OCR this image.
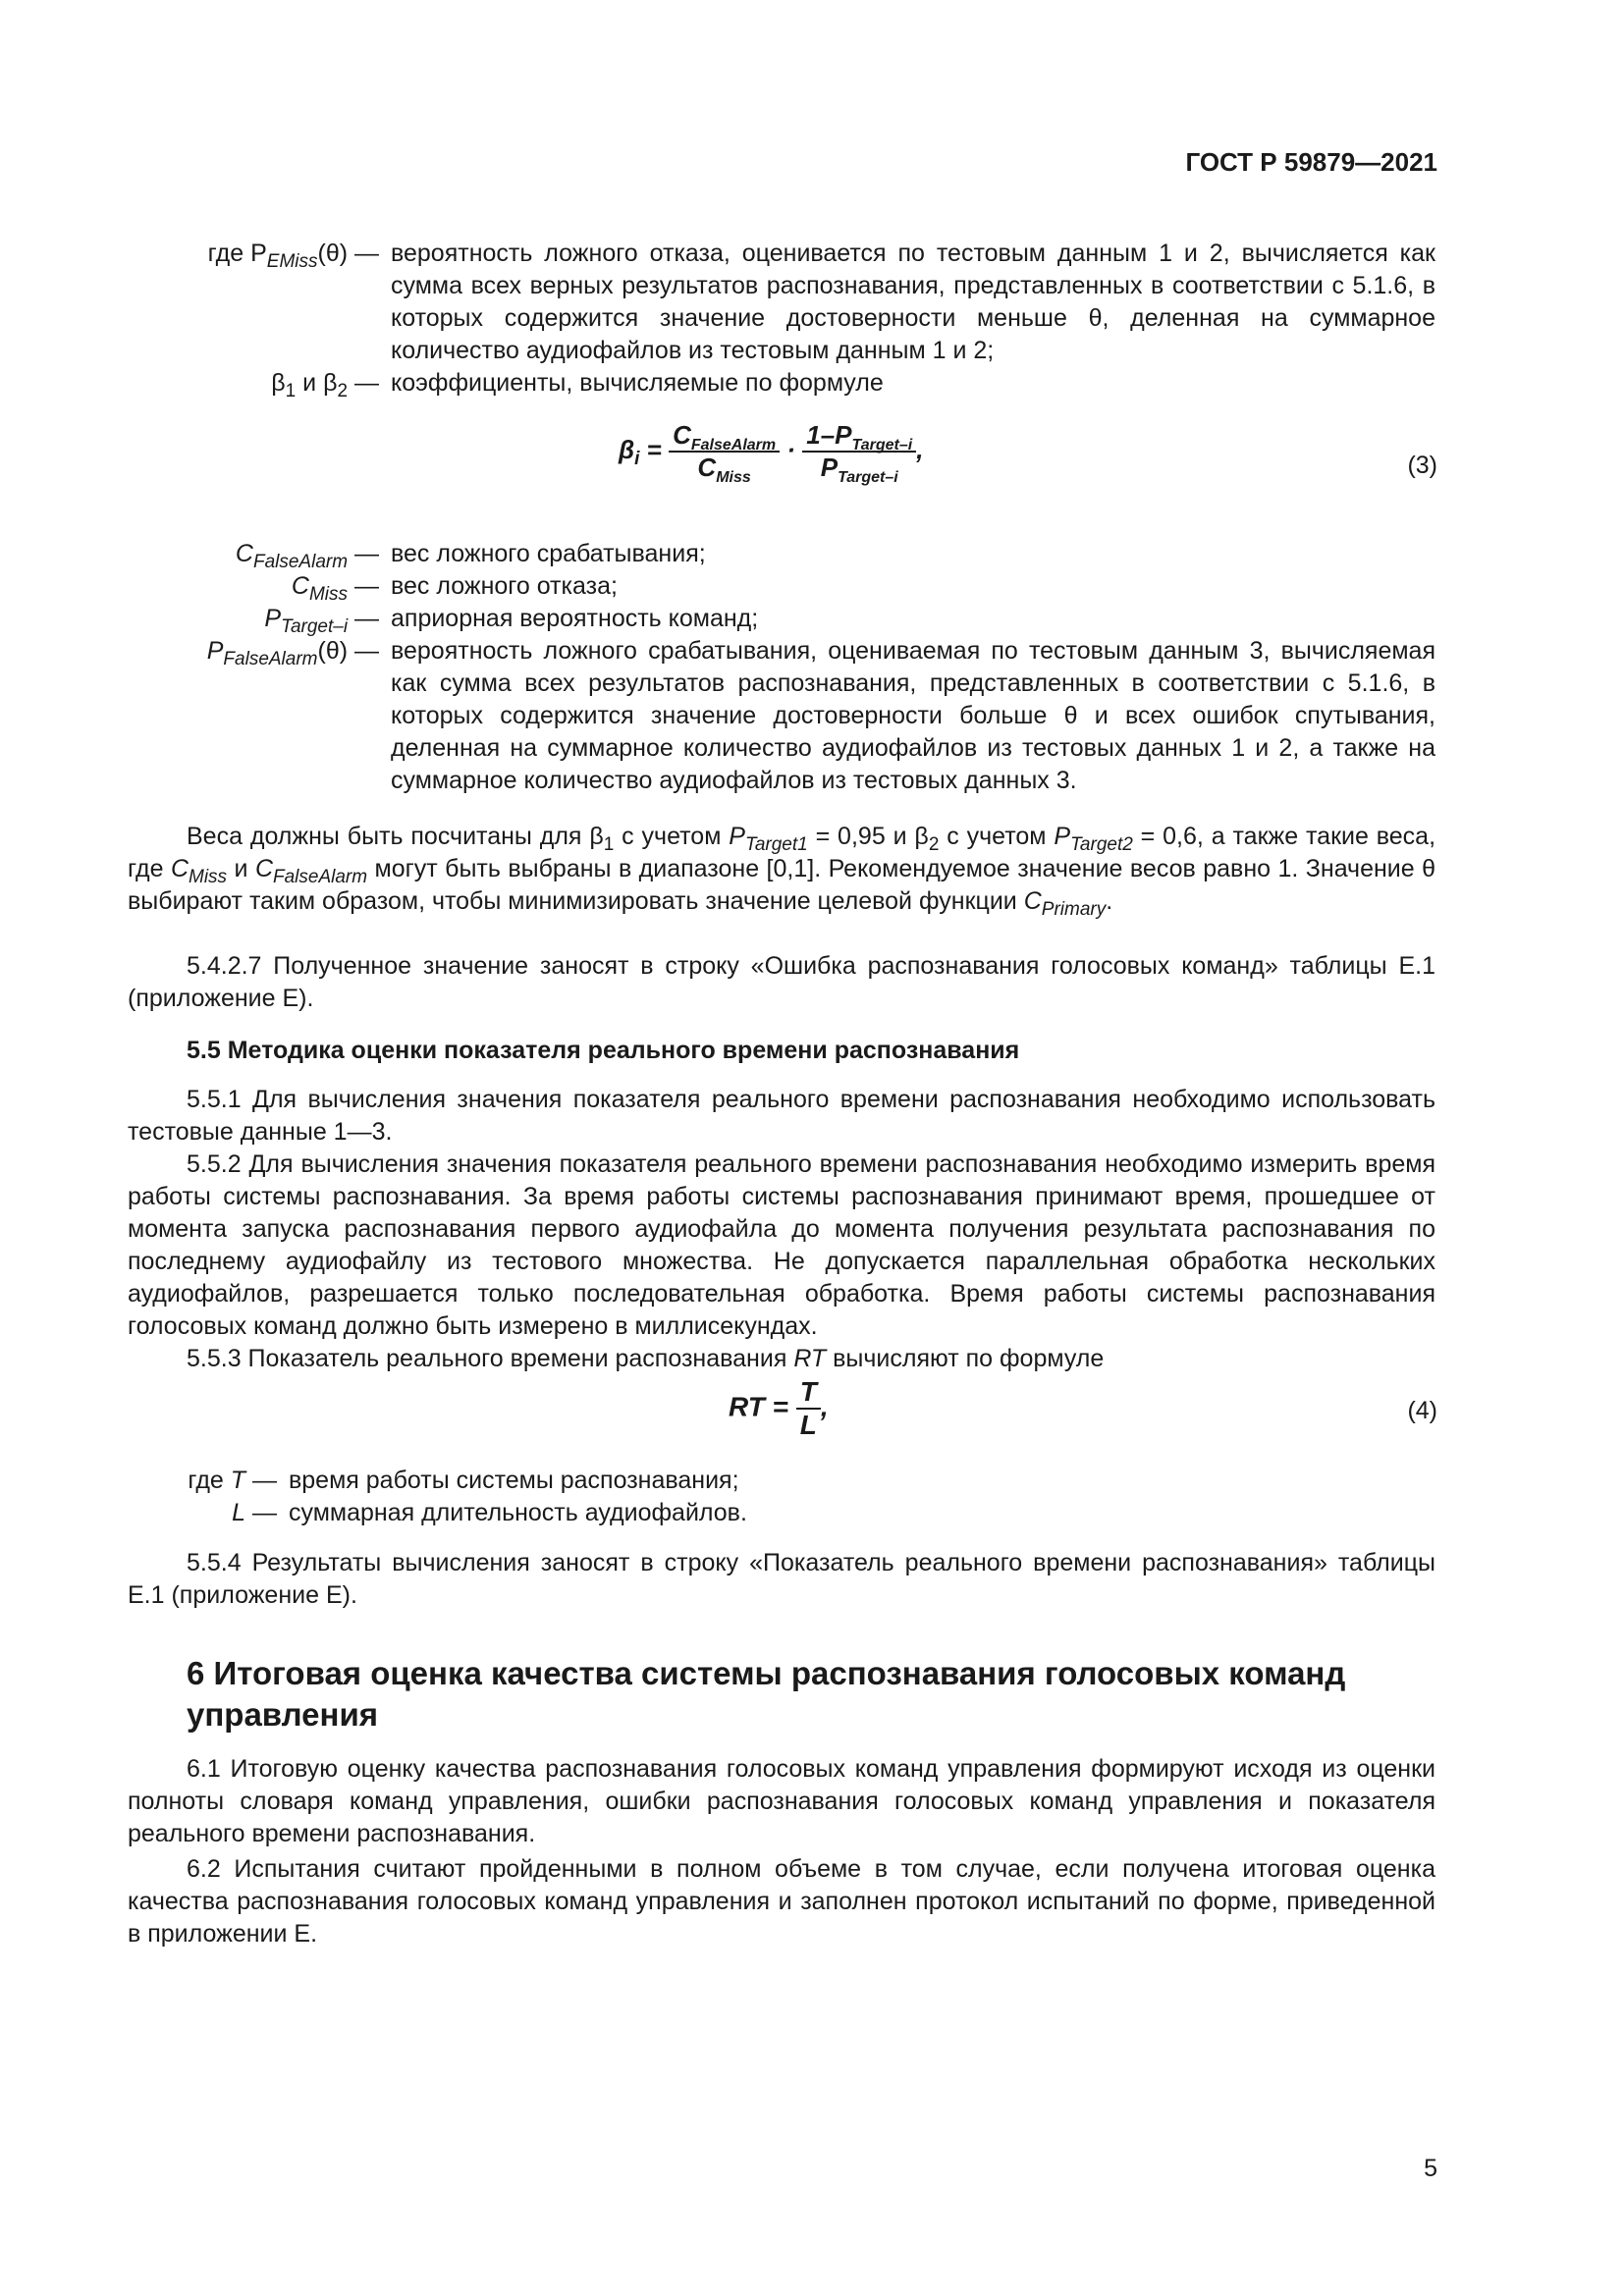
ГОСТ Р 59879—2021
где $P_{EMiss}(\theta)$ — вероятность ложного отказа, оценивается по тестовым данным 1 и 2, вычисляется как сумма всех верных результатов распознавания, представленных в соответствии с 5.1.6, в которых содержится значение достоверности меньше θ, деленная на суммарное количество аудиофайлов из тестовым данным 1 и 2;
$\beta_1$ и $\beta_2$ — коэффициенты, вычисляемые по формуле
$\beta_i = \frac{C_{FalseAlarm}}{C_{Miss}} \cdot \frac{1-P_{Target-i}}{P_{Target-i}}$ ,
(3)
$C_{FalseAlarm}$ — вес ложного срабатывания;
$C_{Miss}$ — вес ложного отказа;
$P_{Target-i}$ — априорная вероятность команд;
$P_{FalseAlarm}(\theta)$ — вероятность ложного срабатывания, оцениваемая по тестовым данным 3, вычисляемая как сумма всех результатов распознавания, представленных в соответствии с 5.1.6, в которых содержится значение достоверности больше θ и всех ошибок спутывания, деленная на суммарное количество аудиофайлов из тестовых данных 1 и 2, а также на суммарное количество аудиофайлов из тестовых данных 3.
Веса должны быть посчитаны для $\beta_1$ с учетом $P_{Target1} = 0,95$ и $\beta_2$ с учетом $P_{Target2} = 0,6$, а также такие веса, где $C_{Miss}$ и $C_{FalseAlarm}$ могут быть выбраны в диапазоне [0,1]. Рекомендуемое значение весов равно 1. Значение θ выбирают таким образом, чтобы минимизировать значение целевой функции $C_{Primary}$.
5.4.2.7 Полученное значение заносят в строку «Ошибка распознавания голосовых команд» таблицы Е.1 (приложение Е).
5.5 Методика оценки показателя реального времени распознавания
5.5.1 Для вычисления значения показателя реального времени распознавания необходимо использовать тестовые данные 1—3.
5.5.2 Для вычисления значения показателя реального времени распознавания необходимо измерить время работы системы распознавания. За время работы системы распознавания принимают время, прошедшее от момента запуска распознавания первого аудиофайла до момента получения результата распознавания по последнему аудиофайлу из тестового множества. Не допускается параллельная обработка нескольких аудиофайлов, разрешается только последовательная обработка. Время работы системы распознавания голосовых команд должно быть измерено в миллисекундах.
5.5.3 Показатель реального времени распознавания RT вычисляют по формуле
RT = $\frac{T}{L}$ ,	(4)
где T — время работы системы распознавания;
L — суммарная длительность аудиофайлов.
5.5.4 Результаты вычисления заносят в строку «Показатель реального времени распознавания» таблицы Е.1 (приложение Е).
6 Итоговая оценка качества системы распознавания голосовых команд управления
6.1 Итоговую оценку качества распознавания голосовых команд управления формируют исходя из оценки полноты словаря команд управления, ошибки распознавания голосовых команд управления и показателя реального времени распознавания.
6.2 Испытания считают пройденными в полном объеме в том случае, если получена итоговая оценка качества распознавания голосовых команд управления и заполнен протокол испытаний по форме, приведенной в приложении Е.
5
